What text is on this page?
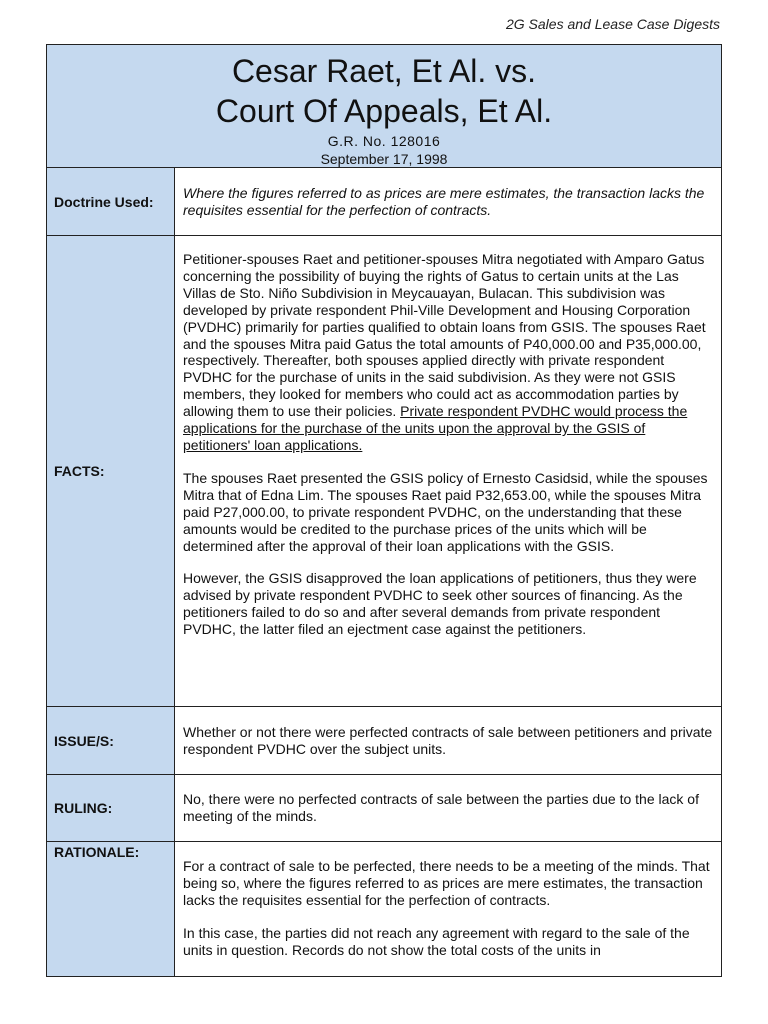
2G Sales and Lease Case Digests
Cesar Raet, Et Al. vs.
Court Of Appeals, Et Al.
G.R. No. 128016
September 17, 1998
Doctrine Used:

Where the figures referred to as prices are mere estimates, the transaction lacks the requisites essential for the perfection of contracts.

FACTS:

Petitioner-spouses Raet and petitioner-spouses Mitra negotiated with Amparo Gatus concerning the possibility of buying the rights of Gatus to certain units at the Las Villas de Sto. Niño Subdivision in Meycauayan, Bulacan. This subdivision was developed by private respondent Phil-Ville Development and Housing Corporation (PVDHC) primarily for parties qualified to obtain loans from GSIS. The spouses Raet and the spouses Mitra paid Gatus the total amounts of P40,000.00 and P35,000.00, respectively. Thereafter, both spouses applied directly with private respondent PVDHC for the purchase of units in the said subdivision. As they were not GSIS members, they looked for members who could act as accommodation parties by allowing them to use their policies. Private respondent PVDHC would process the applications for the purchase of the units upon the approval by the GSIS of petitioners' loan applications.

The spouses Raet presented the GSIS policy of Ernesto Casidsid, while the spouses Mitra that of Edna Lim. The spouses Raet paid P32,653.00, while the spouses Mitra paid P27,000.00, to private respondent PVDHC, on the understanding that these amounts would be credited to the purchase prices of the units which will be determined after the approval of their loan applications with the GSIS.

However, the GSIS disapproved the loan applications of petitioners, thus they were advised by private respondent PVDHC to seek other sources of financing. As the petitioners failed to do so and after several demands from private respondent PVDHC, the latter filed an ejectment case against the petitioners.

ISSUE/S:

Whether or not there were perfected contracts of sale between petitioners and private respondent PVDHC over the subject units.

RULING:

No, there were no perfected contracts of sale between the parties due to the lack of meeting of the minds.

RATIONALE:

For a contract of sale to be perfected, there needs to be a meeting of the minds. That being so, where the figures referred to as prices are mere estimates, the transaction lacks the requisites essential for the perfection of contracts.

In this case, the parties did not reach any agreement with regard to the sale of the units in question. Records do not show the total costs of the units in
